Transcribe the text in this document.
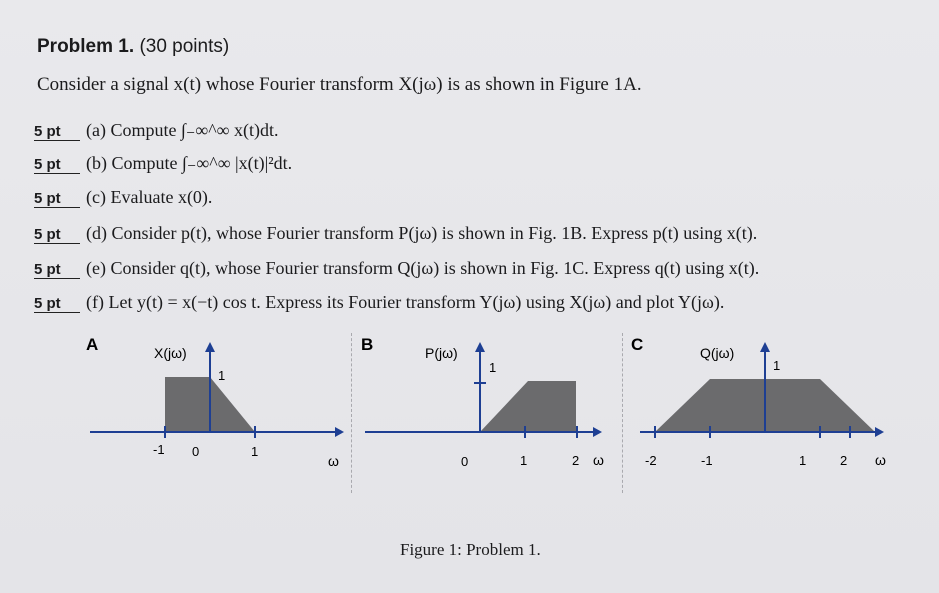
Problem 1. (30 points)
Consider a signal x(t) whose Fourier transform X(jω) is as shown in Figure 1A.
5 pt (a) Compute ∫₋∞^∞ x(t)dt.
5 pt (b) Compute ∫₋∞^∞ |x(t)|²dt.
5 pt (c) Evaluate x(0).
5 pt (d) Consider p(t), whose Fourier transform P(jω) is shown in Fig. 1B. Express p(t) using x(t).
5 pt (e) Consider q(t), whose Fourier transform Q(jω) is shown in Fig. 1C. Express q(t) using x(t).
5 pt (f) Let y(t) = x(−t) cos t. Express its Fourier transform Y(jω) using X(jω) and plot Y(jω).
A	X(jω)
1
-1 0	1
ω
B	P(jω)
1
0	1	2 ω
C	Q(jω)
1
-2	-1	1	2 ω
Figure 1: Problem 1.
